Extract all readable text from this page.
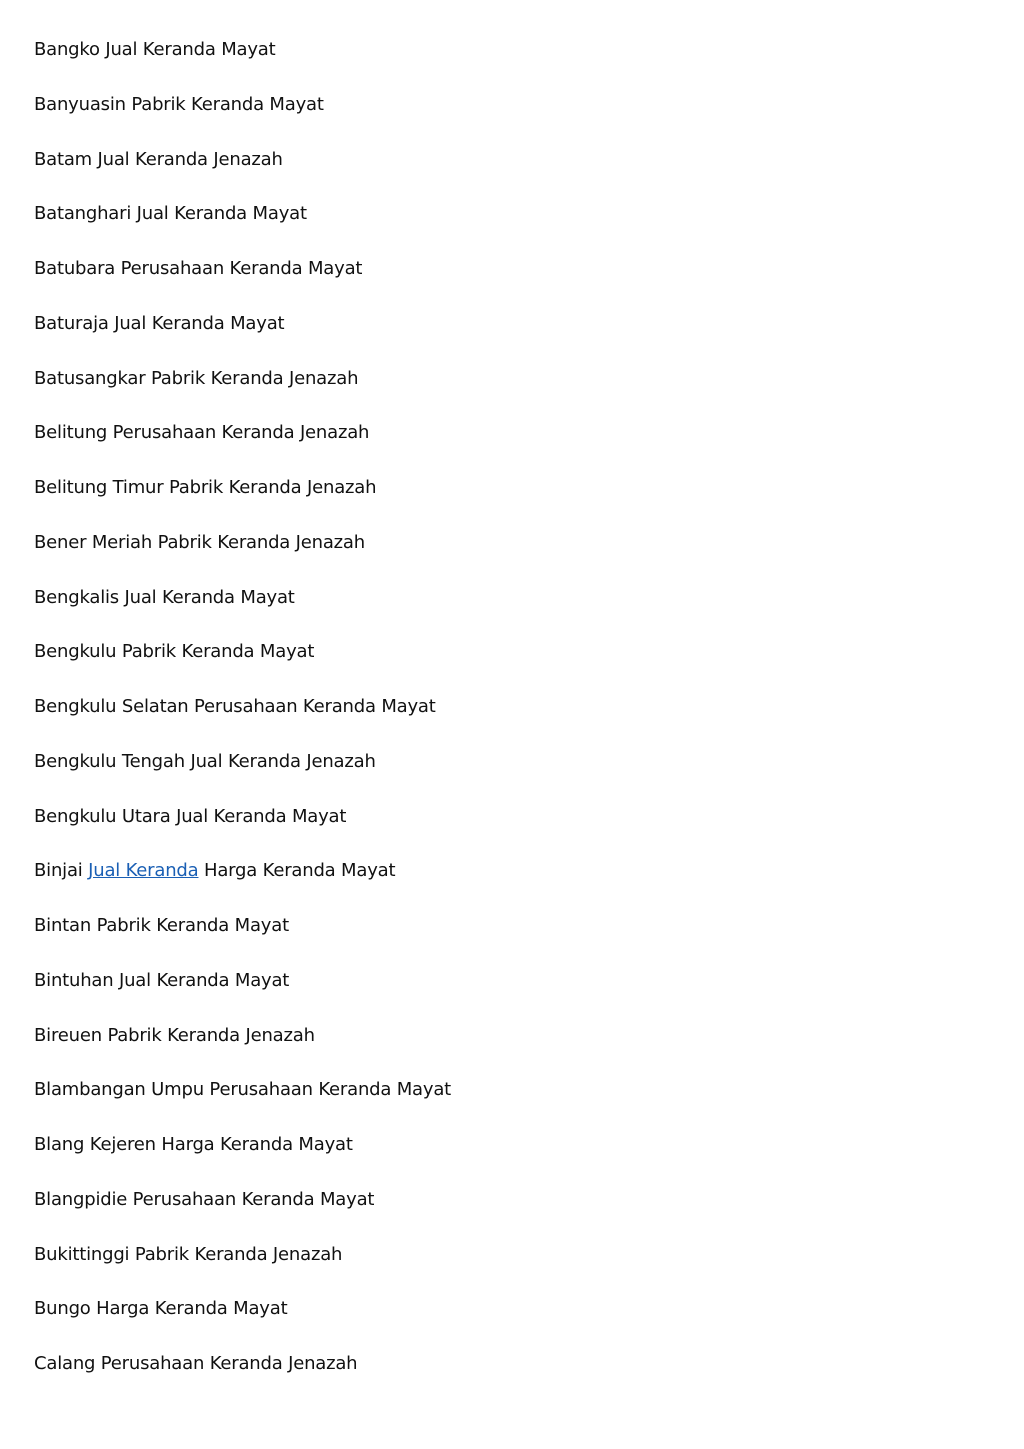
Bangko Jual Keranda Mayat
Banyuasin Pabrik Keranda Mayat
Batam Jual Keranda Jenazah
Batanghari Jual Keranda Mayat
Batubara Perusahaan Keranda Mayat
Baturaja Jual Keranda Mayat
Batusangkar Pabrik Keranda Jenazah
Belitung Perusahaan Keranda Jenazah
Belitung Timur Pabrik Keranda Jenazah
Bener Meriah Pabrik Keranda Jenazah
Bengkalis Jual Keranda Mayat
Bengkulu Pabrik Keranda Mayat
Bengkulu Selatan Perusahaan Keranda Mayat
Bengkulu Tengah Jual Keranda Jenazah
Bengkulu Utara Jual Keranda Mayat
Binjai Jual Keranda Harga Keranda Mayat
Bintan Pabrik Keranda Mayat
Bintuhan Jual Keranda Mayat
Bireuen Pabrik Keranda Jenazah
Blambangan Umpu Perusahaan Keranda Mayat
Blang Kejeren Harga Keranda Mayat
Blangpidie Perusahaan Keranda Mayat
Bukittinggi Pabrik Keranda Jenazah
Bungo Harga Keranda Mayat
Calang Perusahaan Keranda Jenazah
